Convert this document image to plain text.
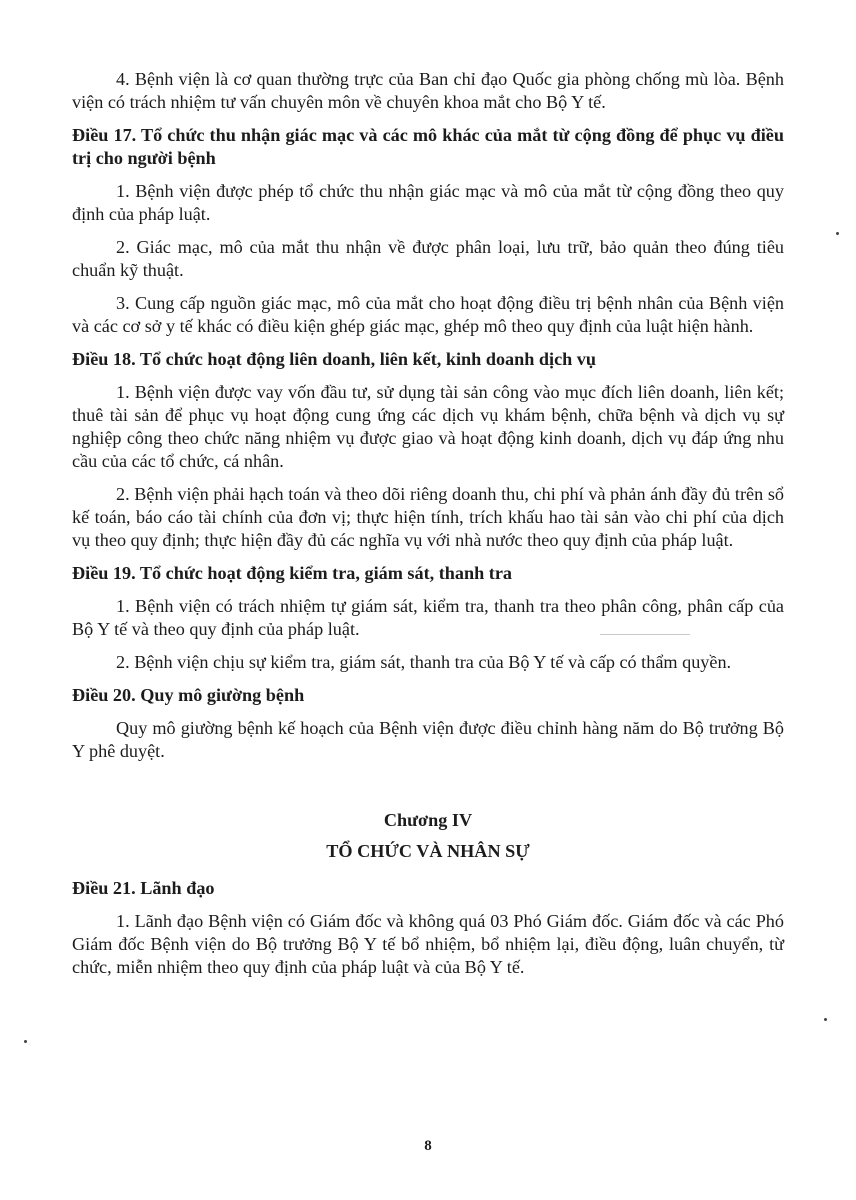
4. Bệnh viện là cơ quan thường trực của Ban chỉ đạo Quốc gia phòng chống mù lòa. Bệnh viện có trách nhiệm tư vấn chuyên môn về chuyên khoa mắt cho Bộ Y tế.

Điều 17. Tổ chức thu nhận giác mạc và các mô khác của mắt từ cộng đồng để phục vụ điều trị cho người bệnh

1. Bệnh viện được phép tổ chức thu nhận giác mạc và mô của mắt từ cộng đồng theo quy định của pháp luật.

2. Giác mạc, mô của mắt thu nhận về được phân loại, lưu trữ, bảo quản theo đúng tiêu chuẩn kỹ thuật.

3. Cung cấp nguồn giác mạc, mô của mắt cho hoạt động điều trị bệnh nhân của Bệnh viện và các cơ sở y tế khác có điều kiện ghép giác mạc, ghép mô theo quy định của luật hiện hành.

Điều 18. Tổ chức hoạt động liên doanh, liên kết, kinh doanh dịch vụ

1. Bệnh viện được vay vốn đầu tư, sử dụng tài sản công vào mục đích liên doanh, liên kết; thuê tài sản để phục vụ hoạt động cung ứng các dịch vụ khám bệnh, chữa bệnh và dịch vụ sự nghiệp công theo chức năng nhiệm vụ được giao và hoạt động kinh doanh, dịch vụ đáp ứng nhu cầu của các tổ chức, cá nhân.

2. Bệnh viện phải hạch toán và theo dõi riêng doanh thu, chi phí và phản ánh đầy đủ trên sổ kế toán, báo cáo tài chính của đơn vị; thực hiện tính, trích khấu hao tài sản vào chi phí của dịch vụ theo quy định; thực hiện đầy đủ các nghĩa vụ với nhà nước theo quy định của pháp luật.

Điều 19. Tổ chức hoạt động kiểm tra, giám sát, thanh tra

1. Bệnh viện có trách nhiệm tự giám sát, kiểm tra, thanh tra theo phân công, phân cấp của Bộ Y tế và theo quy định của pháp luật.

2. Bệnh viện chịu sự kiểm tra, giám sát, thanh tra của Bộ Y tế và cấp có thẩm quyền.

Điều 20. Quy mô giường bệnh

Quy mô giường bệnh kế hoạch của Bệnh viện được điều chỉnh hàng năm do Bộ trưởng Bộ Y phê duyệt.

Chương IV

TỔ CHỨC VÀ NHÂN SỰ

Điều 21. Lãnh đạo

1. Lãnh đạo Bệnh viện có Giám đốc và không quá 03 Phó Giám đốc. Giám đốc và các Phó Giám đốc Bệnh viện do Bộ trưởng Bộ Y tế bổ nhiệm, bổ nhiệm lại, điều động, luân chuyển, từ chức, miễn nhiệm theo quy định của pháp luật và của Bộ Y tế.

8
